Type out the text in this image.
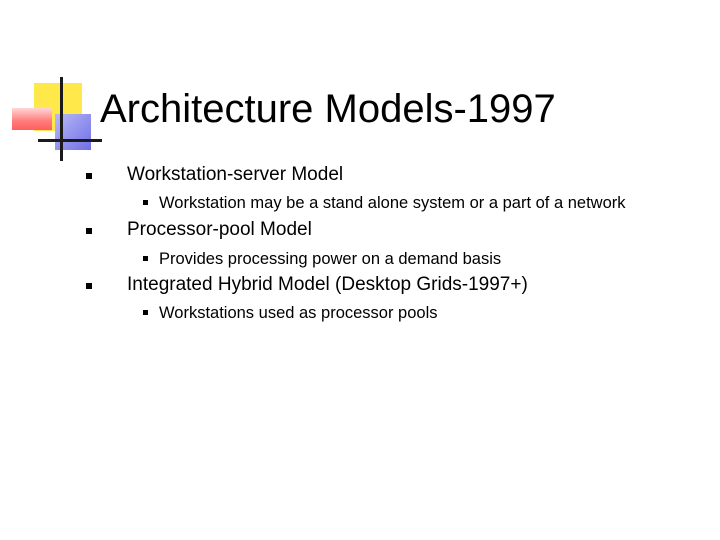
Architecture Models-1997
Workstation-server Model
Workstation may be a stand alone system or a part of a network
Processor-pool Model
Provides processing power on a demand basis
Integrated Hybrid Model (Desktop Grids-1997+)
Workstations used as processor pools
